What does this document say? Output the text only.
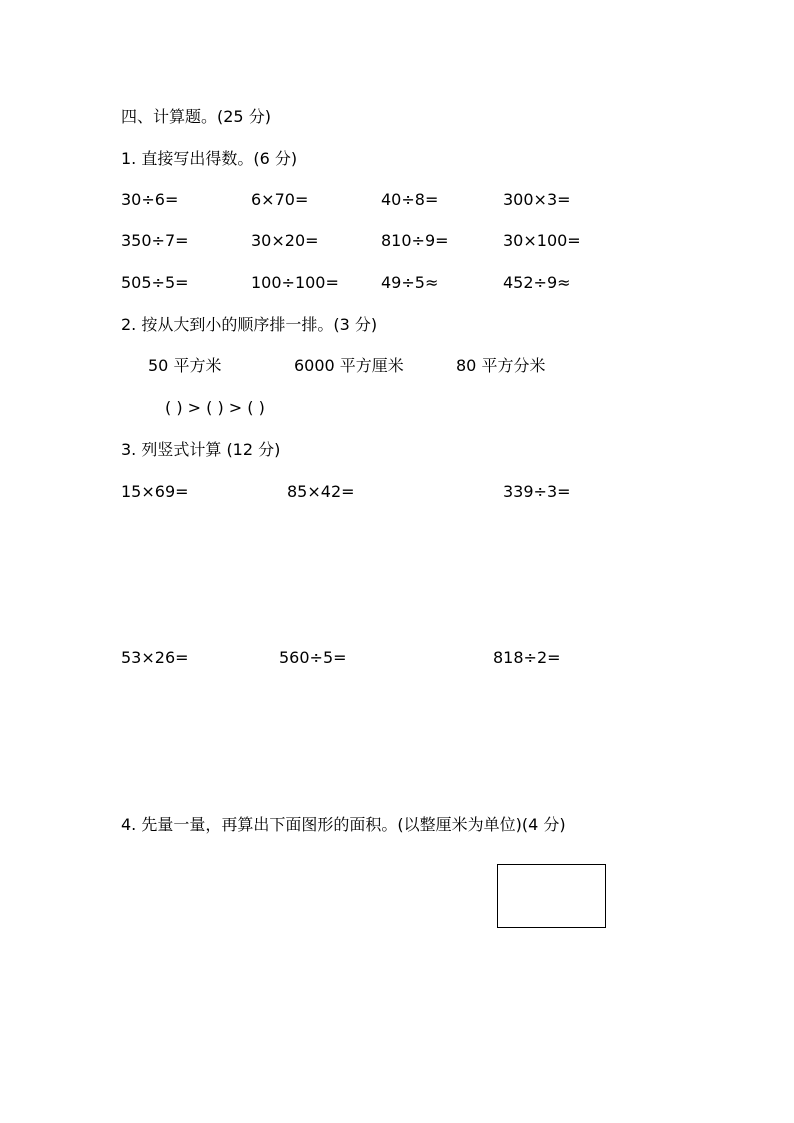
四、计算题。(25 分)
1. 直接写出得数。(6 分)
30÷6=	6×70=	40÷8=	300×3=
350÷7=	30×20=	810÷9=	30×100=
505÷5=	100÷100=	49÷5≈	452÷9≈
2. 按从大到小的顺序排一排。(3 分)
50 平方米	6000 平方厘米	80 平方分米
( ) > ( ) > ( )
3. 列竖式计算 (12 分)
15×69=	85×42=	339÷3=
53×26=	560÷5=	818÷2=
4. 先量一量，再算出下面图形的面积。(以整厘米为单位)(4 分)
